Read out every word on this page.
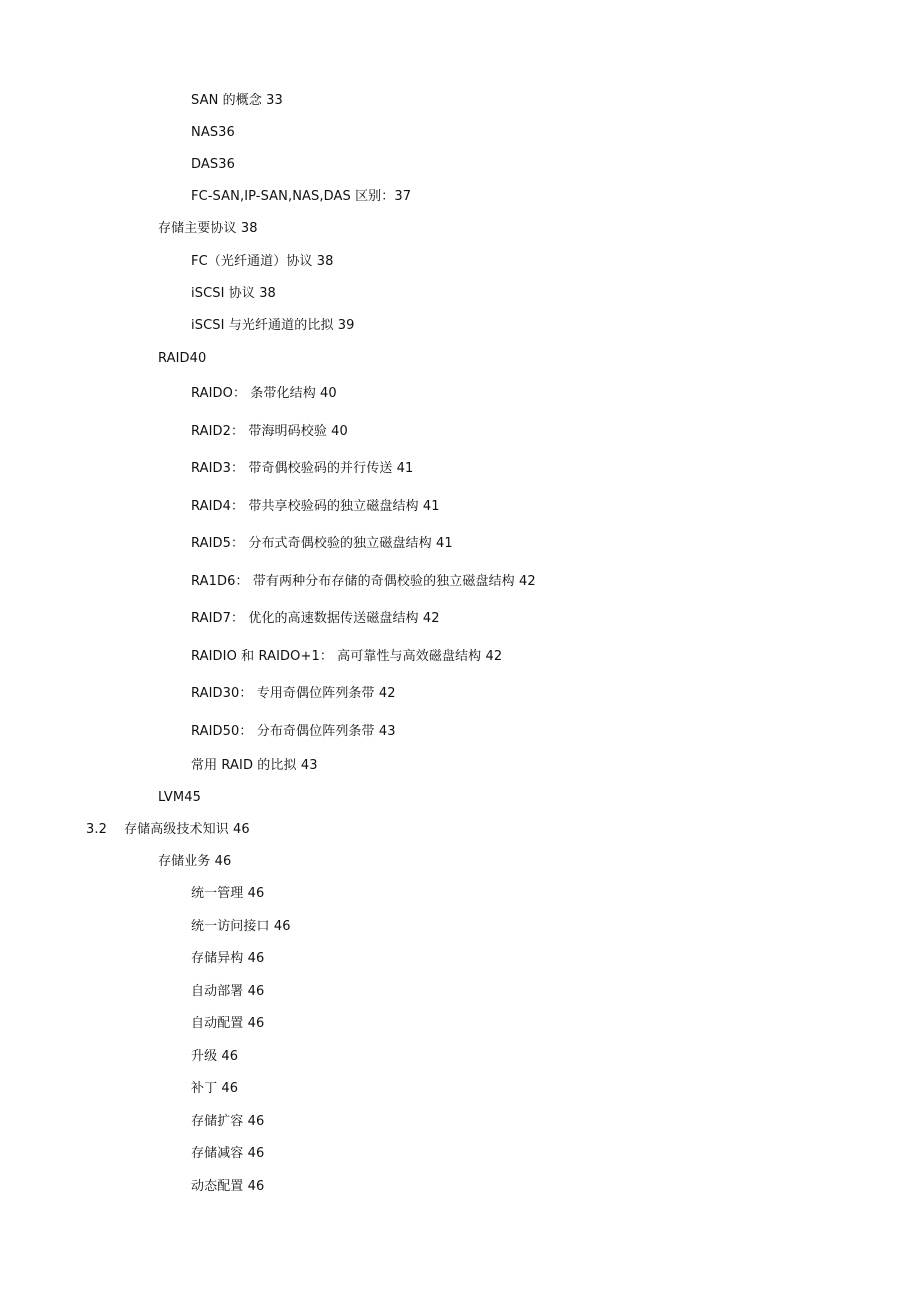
SAN 的概念 33
NAS36
DAS36
FC-SAN,IP-SAN,NAS,DAS 区别：37
存储主要协议 38
FC（光纤通道）协议 38
iSCSI 协议 38
iSCSI 与光纤通道的比拟 39
RAID40
RAIDO： 条带化结构 40
RAID2： 带海明码校验 40
RAID3： 带奇偶校验码的并行传送 41
RAID4： 带共享校验码的独立磁盘结构 41
RAID5： 分布式奇偶校验的独立磁盘结构 41
RA1D6： 带有两种分布存储的奇偶校验的独立磁盘结构 42
RAID7： 优化的高速数据传送磁盘结构 42
RAIDIO 和 RAIDO+1： 高可靠性与高效磁盘结构 42
RAID30： 专用奇偶位阵列条带 42
RAID50： 分布奇偶位阵列条带 43
常用 RAID 的比拟 43
LVM45
3.2 存储高级技术知识 46
存储业务 46
统一管理 46
统一访问接口 46
存储异构 46
自动部署 46
自动配置 46
升级 46
补丁 46
存储扩容 46
存储减容 46
动态配置 46
